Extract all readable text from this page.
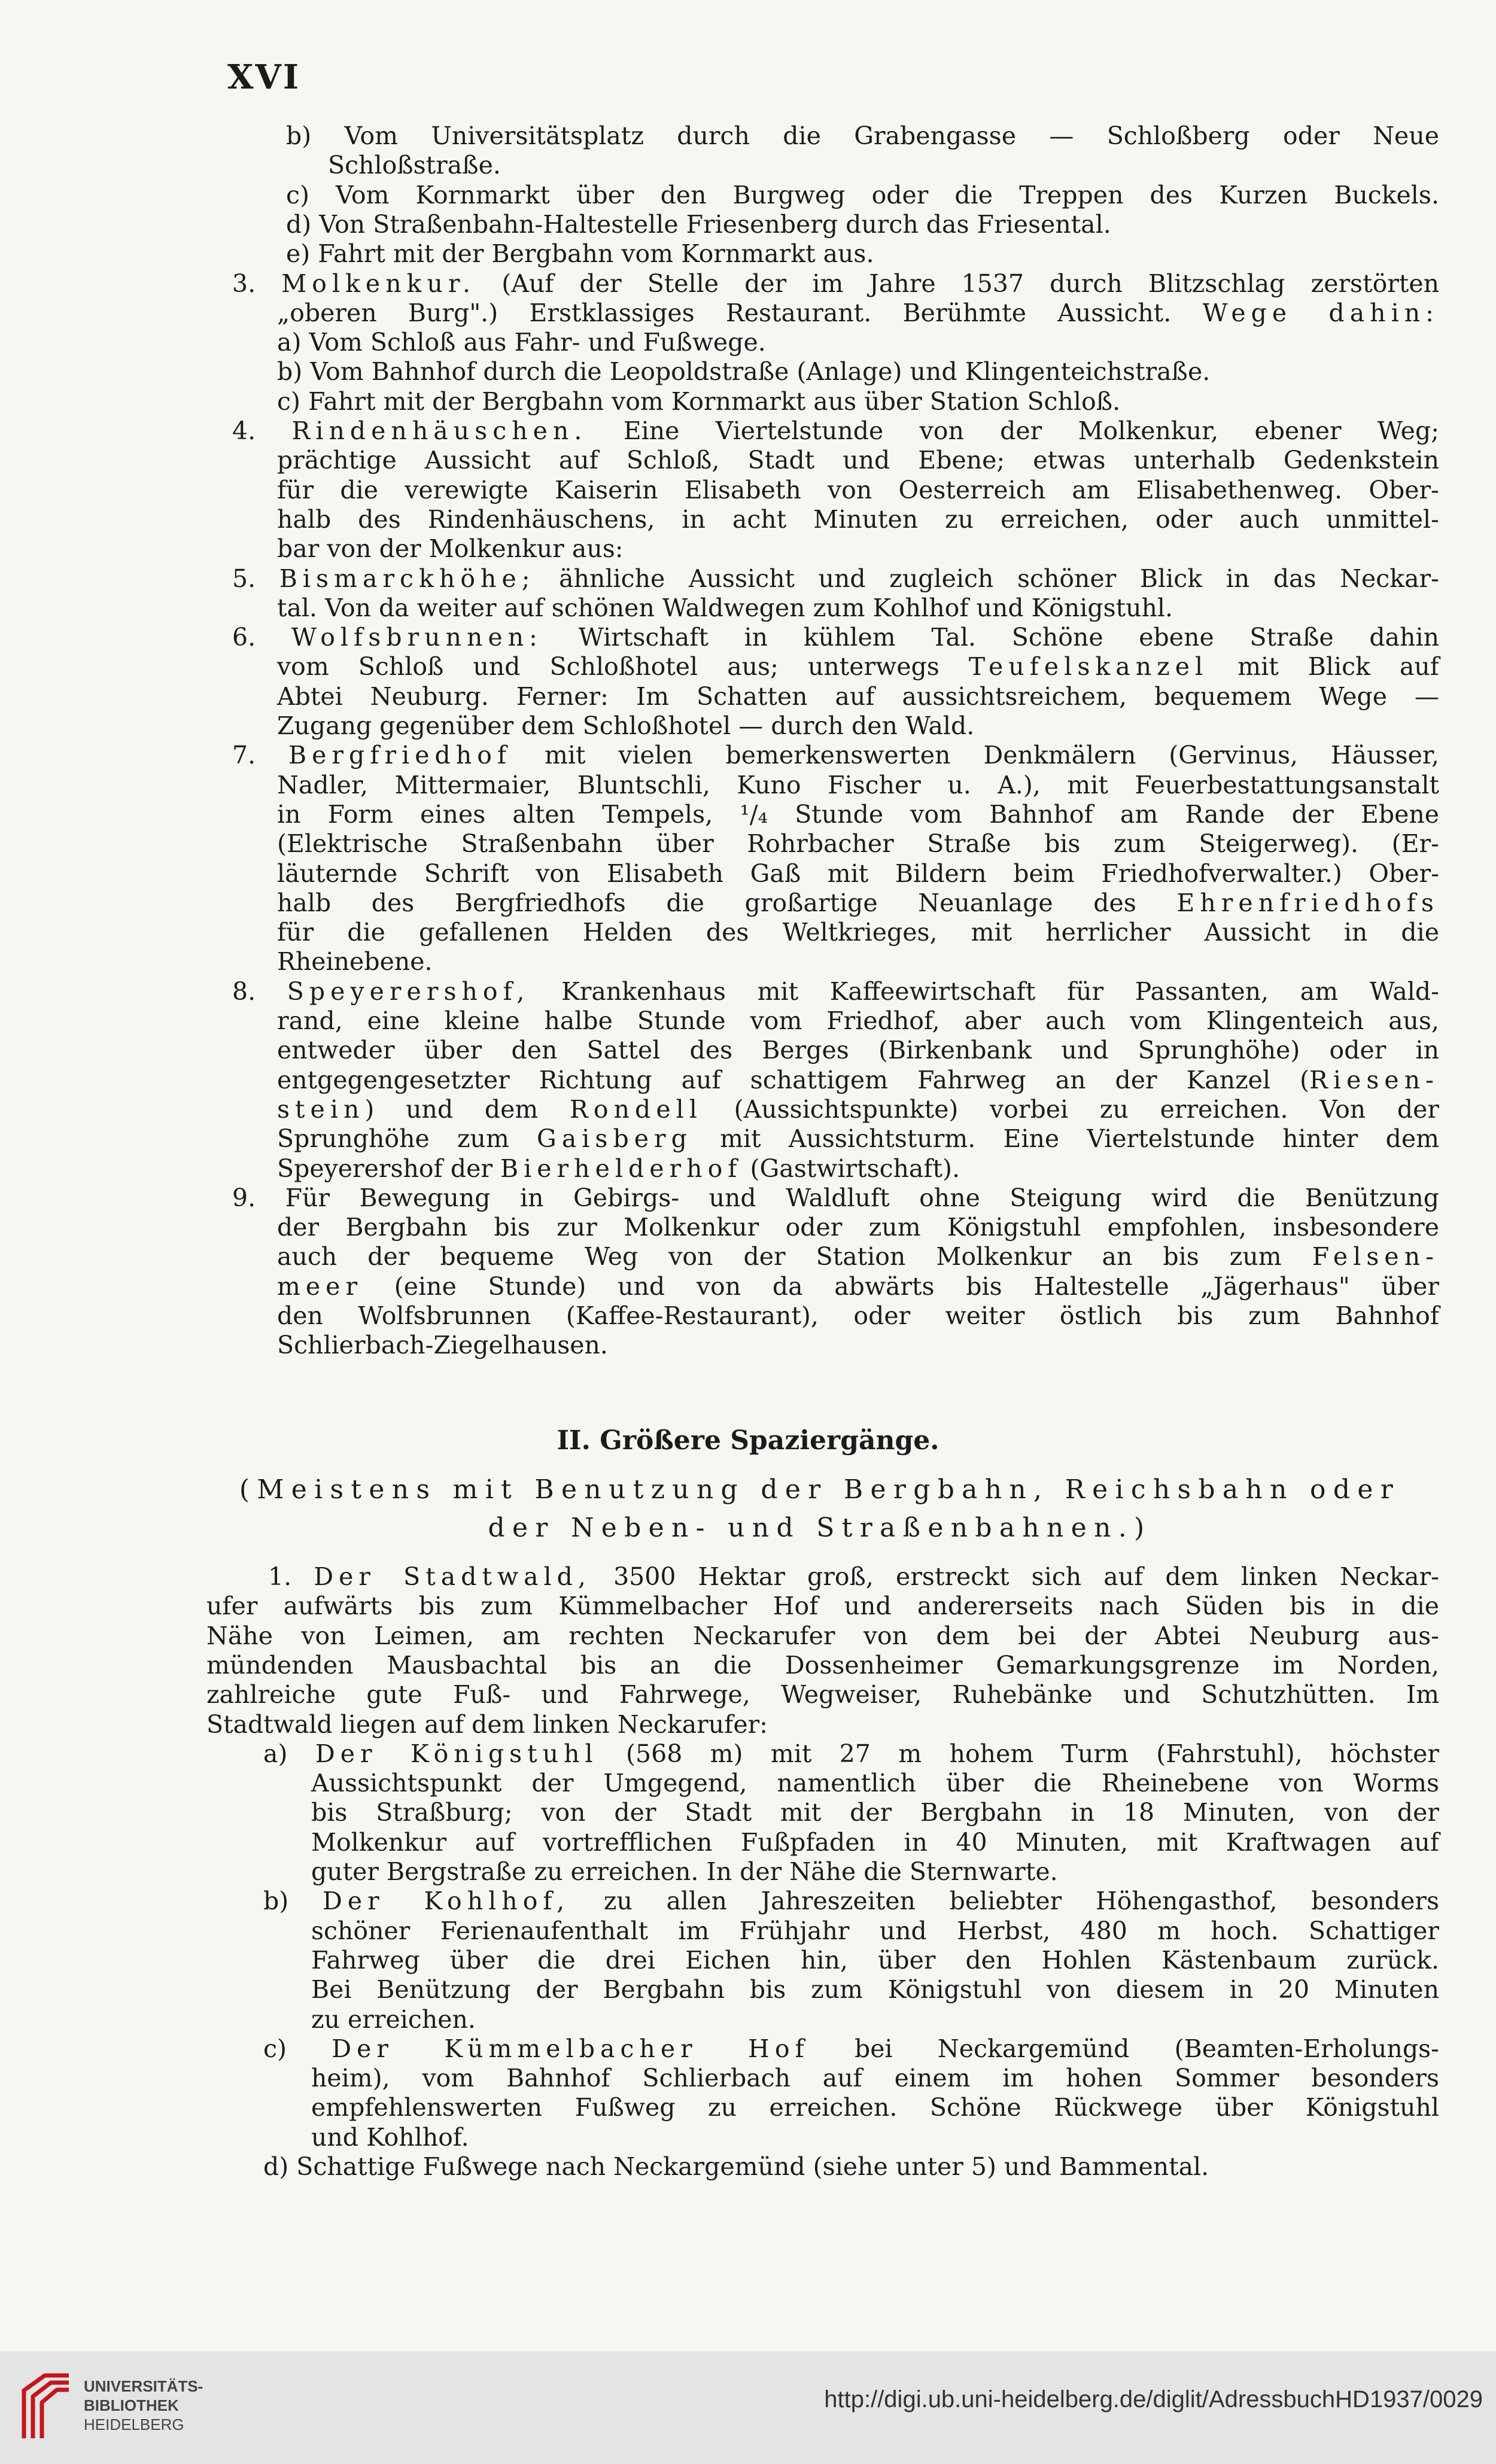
XVI
b) Vom Universitätsplatz durch die Grabengasse — Schloßberg oder Neue
Schloßstraße.
c) Vom Kornmarkt über den Burgweg oder die Treppen des Kurzen Buckels.
d) Von Straßenbahn-Haltestelle Friesenberg durch das Friesental.
e) Fahrt mit der Bergbahn vom Kornmarkt aus.
3. Molkenkur. (Auf der Stelle der im Jahre 1537 durch Blitzschlag zerstörten
„oberen Burg".) Erstklassiges Restaurant. Berühmte Aussicht. Wege dahin:
a) Vom Schloß aus Fahr- und Fußwege.
b) Vom Bahnhof durch die Leopoldstraße (Anlage) und Klingenteichstraße.
c) Fahrt mit der Bergbahn vom Kornmarkt aus über Station Schloß.
4. Rindenhäuschen. Eine Viertelstunde von der Molkenkur, ebener Weg;
prächtige Aussicht auf Schloß, Stadt und Ebene; etwas unterhalb Gedenkstein
für die verewigte Kaiserin Elisabeth von Oesterreich am Elisabethenweg. Ober-
halb des Rindenhäuschens, in acht Minuten zu erreichen, oder auch unmittel-
bar von der Molkenkur aus:
5. Bismarckhöhe; ähnliche Aussicht und zugleich schöner Blick in das Neckar-
tal. Von da weiter auf schönen Waldwegen zum Kohlhof und Königstuhl.
6. Wolfsbrunnen: Wirtschaft in kühlem Tal. Schöne ebene Straße dahin
vom Schloß und Schloßhotel aus; unterwegs Teufelskanzel mit Blick auf
Abtei Neuburg. Ferner: Im Schatten auf aussichtsreichem, bequemem Wege —
Zugang gegenüber dem Schloßhotel — durch den Wald.
7. Bergfriedhof mit vielen bemerkenswerten Denkmälern (Gervinus, Häusser,
Nadler, Mittermaier, Bluntschli, Kuno Fischer u. A.), mit Feuerbestattungsanstalt
in Form eines alten Tempels, ¹/₄ Stunde vom Bahnhof am Rande der Ebene
(Elektrische Straßenbahn über Rohrbacher Straße bis zum Steigerweg). (Er-
läuternde Schrift von Elisabeth Gaß mit Bildern beim Friedhofverwalter.) Ober-
halb des Bergfriedhofs die großartige Neuanlage des Ehrenfriedhofs
für die gefallenen Helden des Weltkrieges, mit herrlicher Aussicht in die
Rheinebene.
8. Speyerershof, Krankenhaus mit Kaffeewirtschaft für Passanten, am Wald-
rand, eine kleine halbe Stunde vom Friedhof, aber auch vom Klingenteich aus,
entweder über den Sattel des Berges (Birkenbank und Sprunghöhe) oder in
entgegengesetzter Richtung auf schattigem Fahrweg an der Kanzel (Riesen-
stein) und dem Rondell (Aussichtspunkte) vorbei zu erreichen. Von der
Sprunghöhe zum Gaisberg mit Aussichtsturm. Eine Viertelstunde hinter dem
Speyerershof der Bierhelderhof (Gastwirtschaft).
9. Für Bewegung in Gebirgs- und Waldluft ohne Steigung wird die Benützung
der Bergbahn bis zur Molkenkur oder zum Königstuhl empfohlen, insbesondere
auch der bequeme Weg von der Station Molkenkur an bis zum Felsen-
meer (eine Stunde) und von da abwärts bis Haltestelle „Jägerhaus" über
den Wolfsbrunnen (Kaffee-Restaurant), oder weiter östlich bis zum Bahnhof
Schlierbach-Ziegelhausen.
1. Der Stadtwald, 3500 Hektar groß, erstreckt sich auf dem linken Neckar-
ufer aufwärts bis zum Kümmelbacher Hof und andererseits nach Süden bis in die
Nähe von Leimen, am rechten Neckarufer von dem bei der Abtei Neuburg aus-
mündenden Mausbachtal bis an die Dossenheimer Gemarkungsgrenze im Norden,
zahlreiche gute Fuß- und Fahrwege, Wegweiser, Ruhebänke und Schutzhütten. Im
Stadtwald liegen auf dem linken Neckarufer:
a) Der Königstuhl (568 m) mit 27 m hohem Turm (Fahrstuhl), höchster
Aussichtspunkt der Umgegend, namentlich über die Rheinebene von Worms
bis Straßburg; von der Stadt mit der Bergbahn in 18 Minuten, von der
Molkenkur auf vortrefflichen Fußpfaden in 40 Minuten, mit Kraftwagen auf
guter Bergstraße zu erreichen. In der Nähe die Sternwarte.
b) Der Kohlhof, zu allen Jahreszeiten beliebter Höhengasthof, besonders
schöner Ferienaufenthalt im Frühjahr und Herbst, 480 m hoch. Schattiger
Fahrweg über die drei Eichen hin, über den Hohlen Kästenbaum zurück.
Bei Benützung der Bergbahn bis zum Königstuhl von diesem in 20 Minuten
zu erreichen.
c) Der Kümmelbacher Hof bei Neckargemünd (Beamten-Erholungs-
heim), vom Bahnhof Schlierbach auf einem im hohen Sommer besonders
empfehlenswerten Fußweg zu erreichen. Schöne Rückwege über Königstuhl
und Kohlhof.
d) Schattige Fußwege nach Neckargemünd (siehe unter 5) und Bammental.
II. Größere Spaziergänge.
(Meistens mit Benutzung der Bergbahn, Reichsbahn oder der Neben- und Straßenbahnen.)
UNIVERSITÄTS-
BIBLIOTHEK
HEIDELBERG
http://digi.ub.uni-heidelberg.de/diglit/AdressbuchHD1937/0029
